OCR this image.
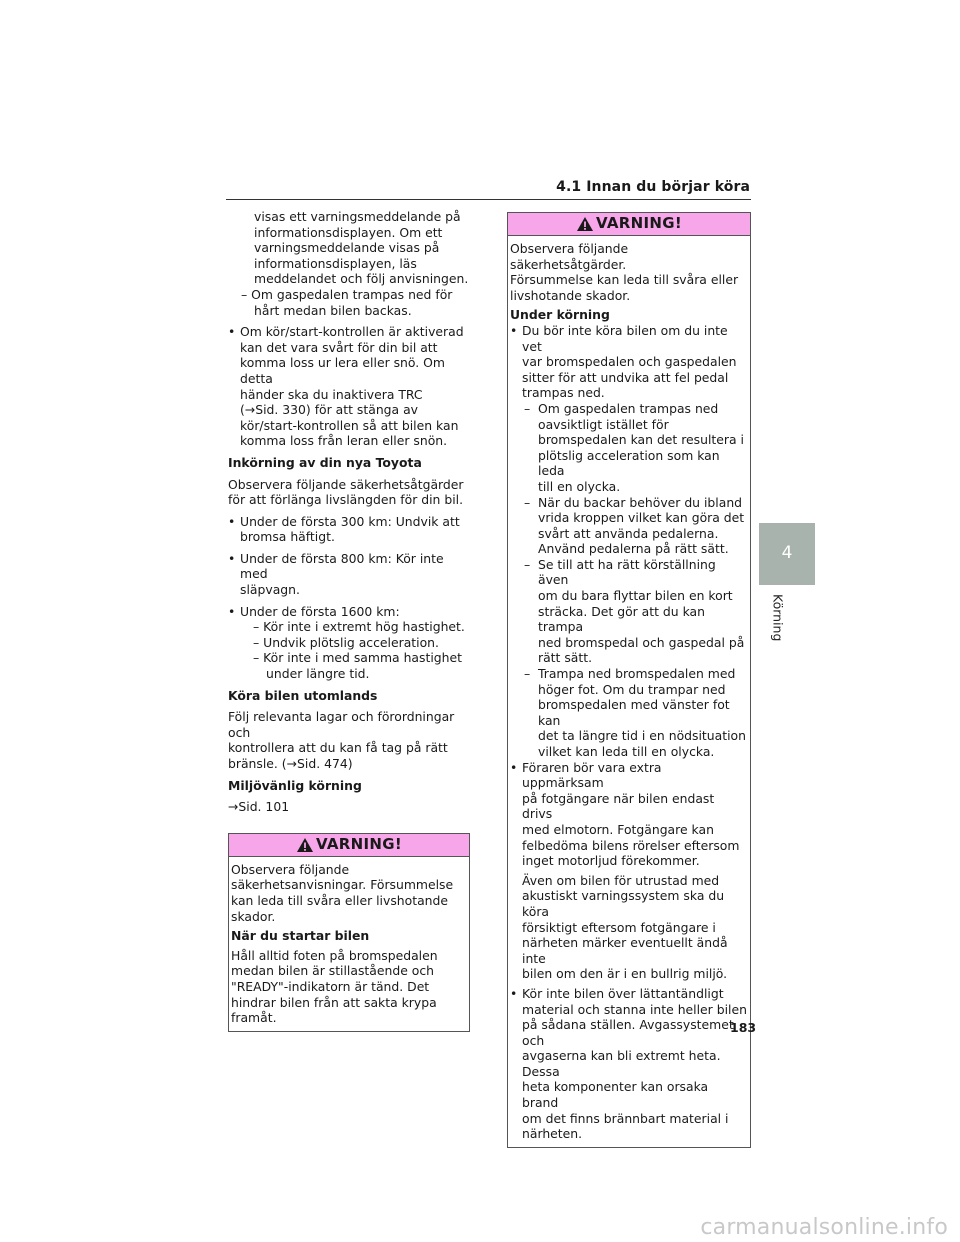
4.1 Innan du börjar köra
4
Körning

visas ett varningsmeddelande på

informationsdisplayen. Om ett

varningsmeddelande visas på

informationsdisplayen, läs

meddelandet och följ anvisningen.

– Om gaspedalen trampas ned för

hårt medan bilen backas.

• Om kör/start-kontrollen är aktiverad

kan det vara svårt för din bil att

komma loss ur lera eller snö. Om detta

händer ska du inaktivera TRC

(→Sid. 330) för att stänga av

kör/start-kontrollen så att bilen kan

komma loss från leran eller snön.

Inkörning av din nya Toyota

Observera följande säkerhetsåtgärder

för att förlänga livslängden för din bil.

• Under de första 300 km: Undvik att

bromsa häftigt.

• Under de första 800 km: Kör inte med

släpvagn.

• Under de första 1600 km:

– Kör inte i extremt hög hastighet.

– Undvik plötslig acceleration.

– Kör inte i med samma hastighet

under längre tid.

Köra bilen utomlands

Följ relevanta lagar och förordningar och

kontrollera att du kan få tag på rätt

bränsle. (→Sid. 474)

Miljövänlig körning

→Sid. 101

VARNING!

Observera följande

säkerhetsanvisningar. Försummelse

kan leda till svåra eller livshotande

skador.

När du startar bilen

Håll alltid foten på bromspedalen

medan bilen är stillastående och

"READY"-indikatorn är tänd. Det

hindrar bilen från att sakta krypa

framåt.

VARNING!

Observera följande säkerhetsåtgärder.

Försummelse kan leda till svåra eller

livshotande skador.

Under körning

• Du bör inte köra bilen om du inte vet

var bromspedalen och gaspedalen

sitter för att undvika att fel pedal

trampas ned.

– Om gaspedalen trampas ned

oavsiktligt istället för

bromspedalen kan det resultera i

plötslig acceleration som kan leda

till en olycka.

– När du backar behöver du ibland

vrida kroppen vilket kan göra det

svårt att använda pedalerna.

Använd pedalerna på rätt sätt.

– Se till att ha rätt körställning även

om du bara flyttar bilen en kort

sträcka. Det gör att du kan trampa

ned bromspedal och gaspedal på

rätt sätt.

– Trampa ned bromspedalen med

höger fot. Om du trampar ned

bromspedalen med vänster fot kan

det ta längre tid i en nödsituation

vilket kan leda till en olycka.

• Föraren bör vara extra uppmärksam

på fotgängare när bilen endast drivs

med elmotorn. Fotgängare kan

felbedöma bilens rörelser eftersom

inget motorljud förekommer.

Även om bilen för utrustad med

akustiskt varningssystem ska du köra

försiktigt eftersom fotgängare i

närheten märker eventuellt ändå inte

bilen om den är i en bullrig miljö.

• Kör inte bilen över lättantändligt

material och stanna inte heller bilen

på sådana ställen. Avgassystemet och

avgaserna kan bli extremt heta. Dessa

heta komponenter kan orsaka brand

om det finns brännbart material i

närheten.

183
carmanualsonline.info
